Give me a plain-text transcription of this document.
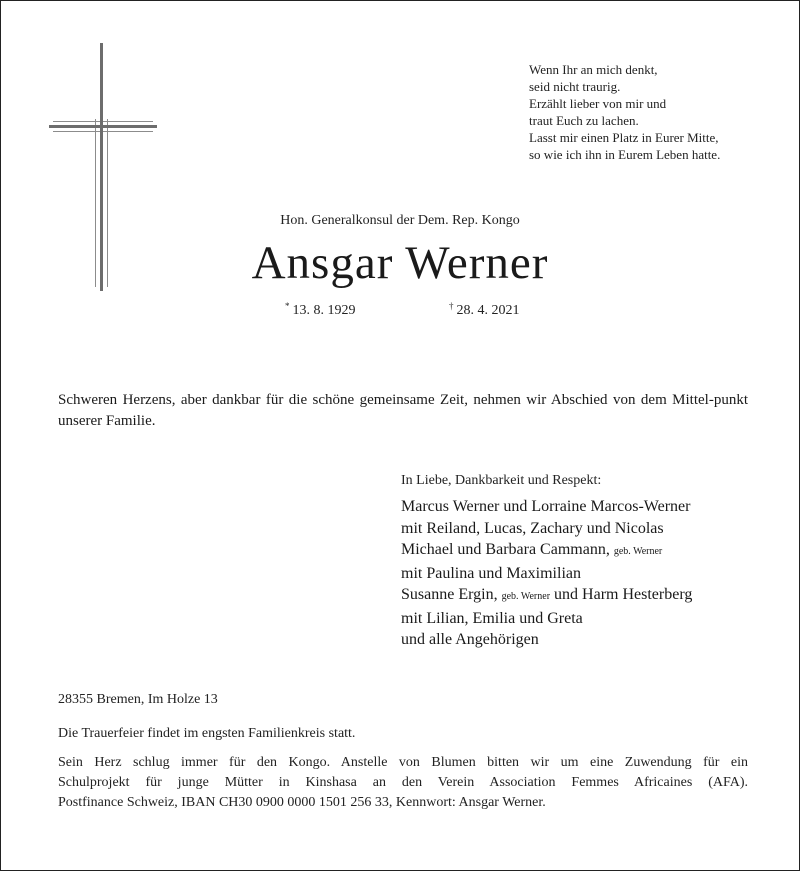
Wenn Ihr an mich denkt,
seid nicht traurig.
Erzählt lieber von mir und
traut Euch zu lachen.
Lasst mir einen Platz in Eurer Mitte,
so wie ich ihn in Eurem Leben hatte.
Hon. Generalkonsul der Dem. Rep. Kongo
Ansgar Werner
* 13. 8. 1929	† 28. 4. 2021
Schweren Herzens, aber dankbar für die schöne gemeinsame Zeit, nehmen wir Abschied von dem Mittel-punkt unserer Familie.
In Liebe, Dankbarkeit und Respekt:
Marcus Werner und Lorraine Marcos-Werner
mit Reiland, Lucas, Zachary und Nicolas
Michael und Barbara Cammann, geb. Werner
mit Paulina und Maximilian
Susanne Ergin, geb. Werner und Harm Hesterberg
mit Lilian, Emilia und Greta
und alle Angehörigen
28355 Bremen, Im Holze 13
Die Trauerfeier findet im engsten Familienkreis statt.
Sein Herz schlug immer für den Kongo. Anstelle von Blumen bitten wir um eine Zuwendung für ein
Schulprojekt für junge Mütter in Kinshasa an den Verein Association Femmes Africaines (AFA).
Postfinance Schweiz, IBAN CH30 0900 0000 1501 256 33, Kennwort: Ansgar Werner.
